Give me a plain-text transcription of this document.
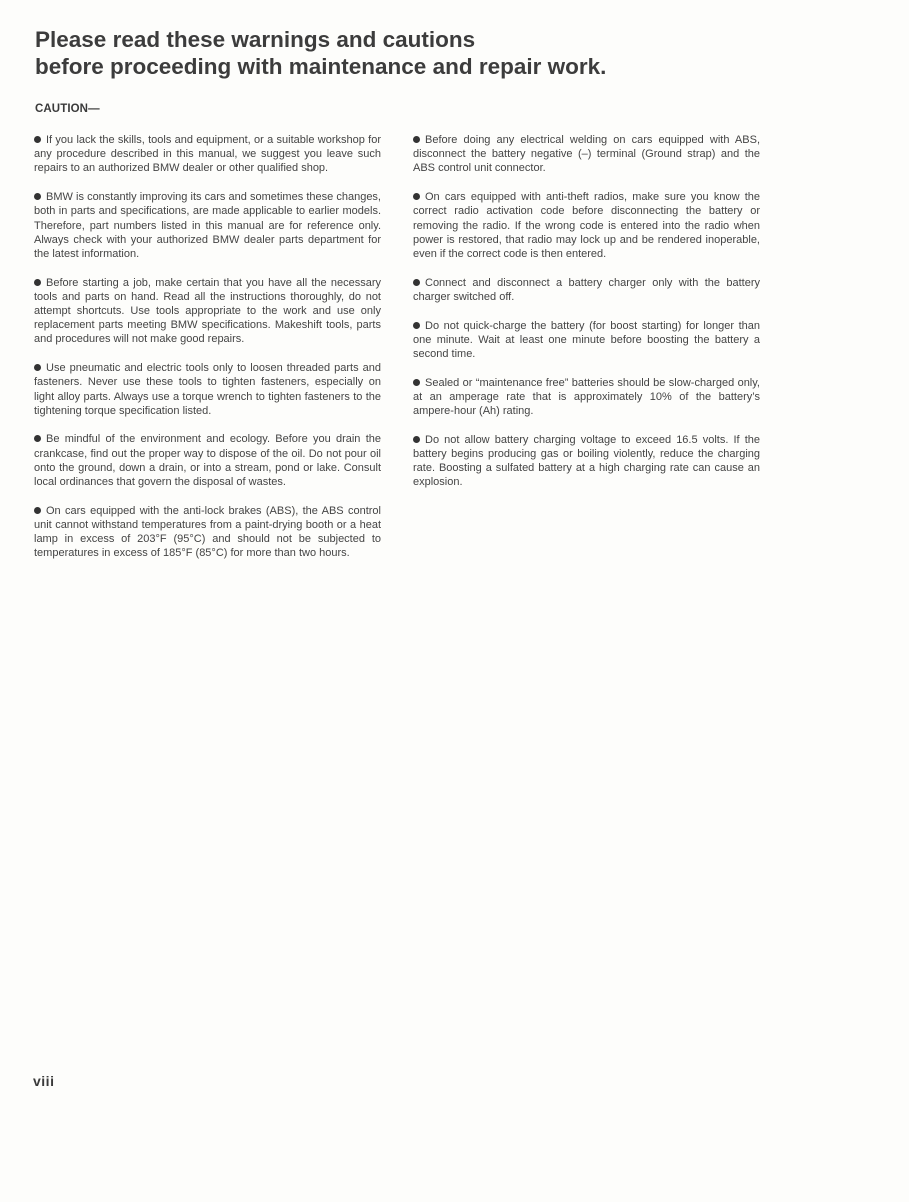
Please read these warnings and cautions
before proceeding with maintenance and repair work.
CAUTION—

If you lack the skills, tools and equipment, or a suitable workshop for any procedure described in this manual, we suggest you leave such repairs to an authorized BMW dealer or other qualified shop.

BMW is constantly improving its cars and sometimes these changes, both in parts and specifications, are made applicable to earlier models. Therefore, part numbers listed in this manual are for reference only. Always check with your authorized BMW dealer parts department for the latest information.

Before starting a job, make certain that you have all the necessary tools and parts on hand. Read all the instructions thoroughly, do not attempt shortcuts. Use tools appropriate to the work and use only replacement parts meeting BMW specifications. Makeshift tools, parts and procedures will not make good repairs.

Use pneumatic and electric tools only to loosen threaded parts and fasteners. Never use these tools to tighten fasteners, especially on light alloy parts. Always use a torque wrench to tighten fasteners to the tightening torque specification listed.

Be mindful of the environment and ecology. Before you drain the crankcase, find out the proper way to dispose of the oil. Do not pour oil onto the ground, down a drain, or into a stream, pond or lake. Consult local ordinances that govern the disposal of wastes.

On cars equipped with the anti-lock brakes (ABS), the ABS control unit cannot withstand temperatures from a paint-drying booth or a heat lamp in excess of 203°F (95°C) and should not be subjected to temperatures in excess of 185°F (85°C) for more than two hours.

Before doing any electrical welding on cars equipped with ABS, disconnect the battery negative (–) terminal (Ground strap) and the ABS control unit connector.

On cars equipped with anti-theft radios, make sure you know the correct radio activation code before disconnecting the battery or removing the radio. If the wrong code is entered into the radio when power is restored, that radio may lock up and be rendered inoperable, even if the correct code is then entered.

Connect and disconnect a battery charger only with the battery charger switched off.

Do not quick-charge the battery (for boost starting) for longer than one minute. Wait at least one minute before boosting the battery a second time.

Sealed or “maintenance free” batteries should be slow-charged only, at an amperage rate that is approximately 10% of the battery’s ampere-hour (Ah) rating.

Do not allow battery charging voltage to exceed 16.5 volts. If the battery begins producing gas or boiling violently, reduce the charging rate. Boosting a sulfated battery at a high charging rate can cause an explosion.

viii
